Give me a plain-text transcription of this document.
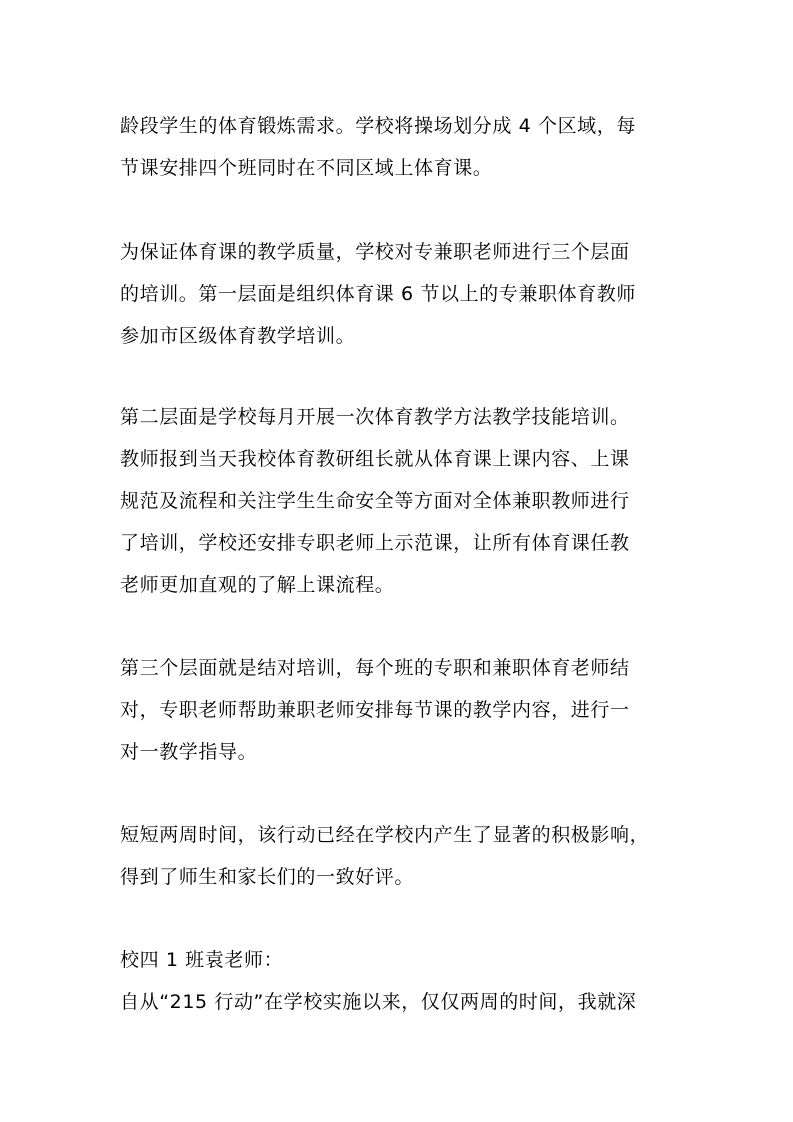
龄段学生的体育锻炼需求。学校将操场划分成 4 个区域，每
节课安排四个班同时在不同区域上体育课。
为保证体育课的教学质量，学校对专兼职老师进行三个层面
的培训。第一层面是组织体育课 6 节以上的专兼职体育教师
参加市区级体育教学培训。
第二层面是学校每月开展一次体育教学方法教学技能培训。
教师报到当天我校体育教研组长就从体育课上课内容、上课
规范及流程和关注学生生命安全等方面对全体兼职教师进行
了培训，学校还安排专职老师上示范课，让所有体育课任教
老师更加直观的了解上课流程。
第三个层面就是结对培训，每个班的专职和兼职体育老师结
对，专职老师帮助兼职老师安排每节课的教学内容，进行一
对一教学指导。
短短两周时间，该行动已经在学校内产生了显著的积极影响，
得到了师生和家长们的一致好评。
校四 1 班袁老师：
自从“215 行动”在学校实施以来，仅仅两周的时间，我就深
